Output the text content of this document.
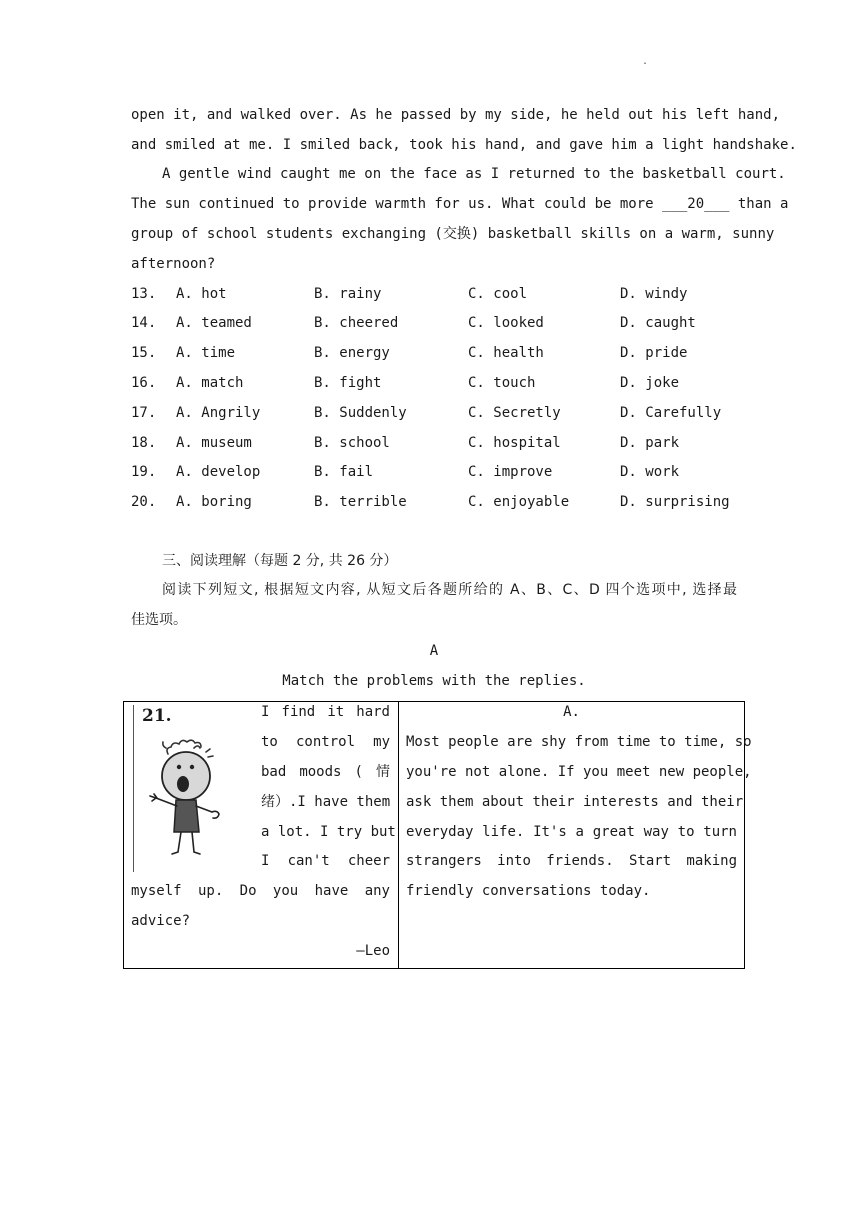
.
open it, and walked over. As he passed by my side, he held out his left hand,
and smiled at me. I smiled back, took his hand, and gave him a light handshake.
A gentle wind caught me on the face as I returned to the basketball court.
The sun continued to provide warmth for us. What could be more ___20___ than a
group of school students exchanging (交换) basketball skills on a warm, sunny
afternoon?
13. A. hot	B. rainy	C. cool	D. windy
14. A. teamed	B. cheered	C. looked	D. caught
15. A. time	B. energy	C. health	D. pride
16. A. match	B. fight	C. touch	D. joke
17. A. Angrily	B. Suddenly	C. Secretly	D. Carefully
18. A. museum	B. school	C. hospital	D. park
19. A. develop	B. fail	C. improve	D. work
20. A. boring	B. terrible	C. enjoyable	D. surprising
三、阅读理解（每题 2 分, 共 26 分）
阅读下列短文, 根据短文内容, 从短文后各题所给的 A、B、C、D 四个选项中, 选择最
佳选项。
A
Match the problems with the replies.
21.	I find it hard
to control my
bad moods ( 情
绪）.I have them
a lot. I try but
I can't cheer
myself up. Do you have any
advice?
—Leo
A.
Most people are shy from time to time, so
you're not alone. If you meet new people,
ask them about their interests and their
everyday life. It's a great way to turn
strangers into friends. Start making
friendly conversations today.
